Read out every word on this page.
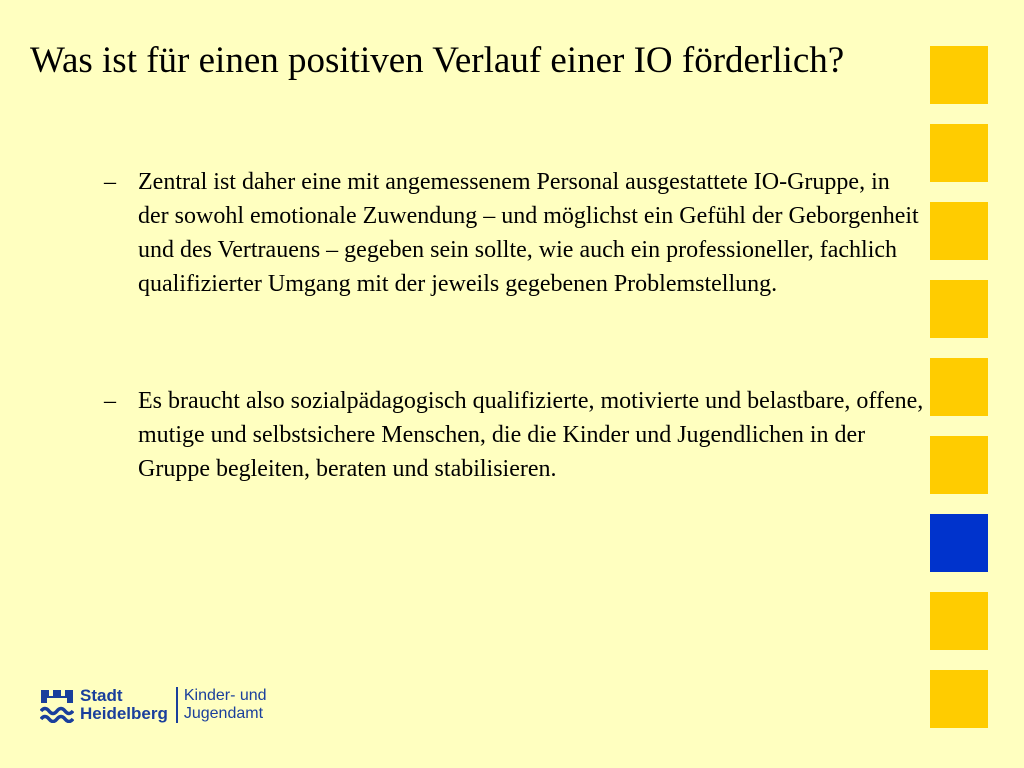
Was ist für einen positiven Verlauf einer IO förderlich?
– Zentral ist daher eine mit angemessenem Personal ausgestattete IO-Gruppe, in der sowohl emotionale Zuwendung – und möglichst ein Gefühl der Geborgenheit und des Vertrauens – gegeben sein sollte, wie auch ein professioneller, fachlich qualifizierter Umgang mit der jeweils gegebenen Problemstellung.
– Es braucht also sozialpädagogisch qualifizierte, motivierte und belastbare, offene, mutige und selbstsichere Menschen, die die Kinder und Jugendlichen in der Gruppe begleiten, beraten und stabilisieren.
Stadt
Heidelberg
Kinder- und
Jugendamt
